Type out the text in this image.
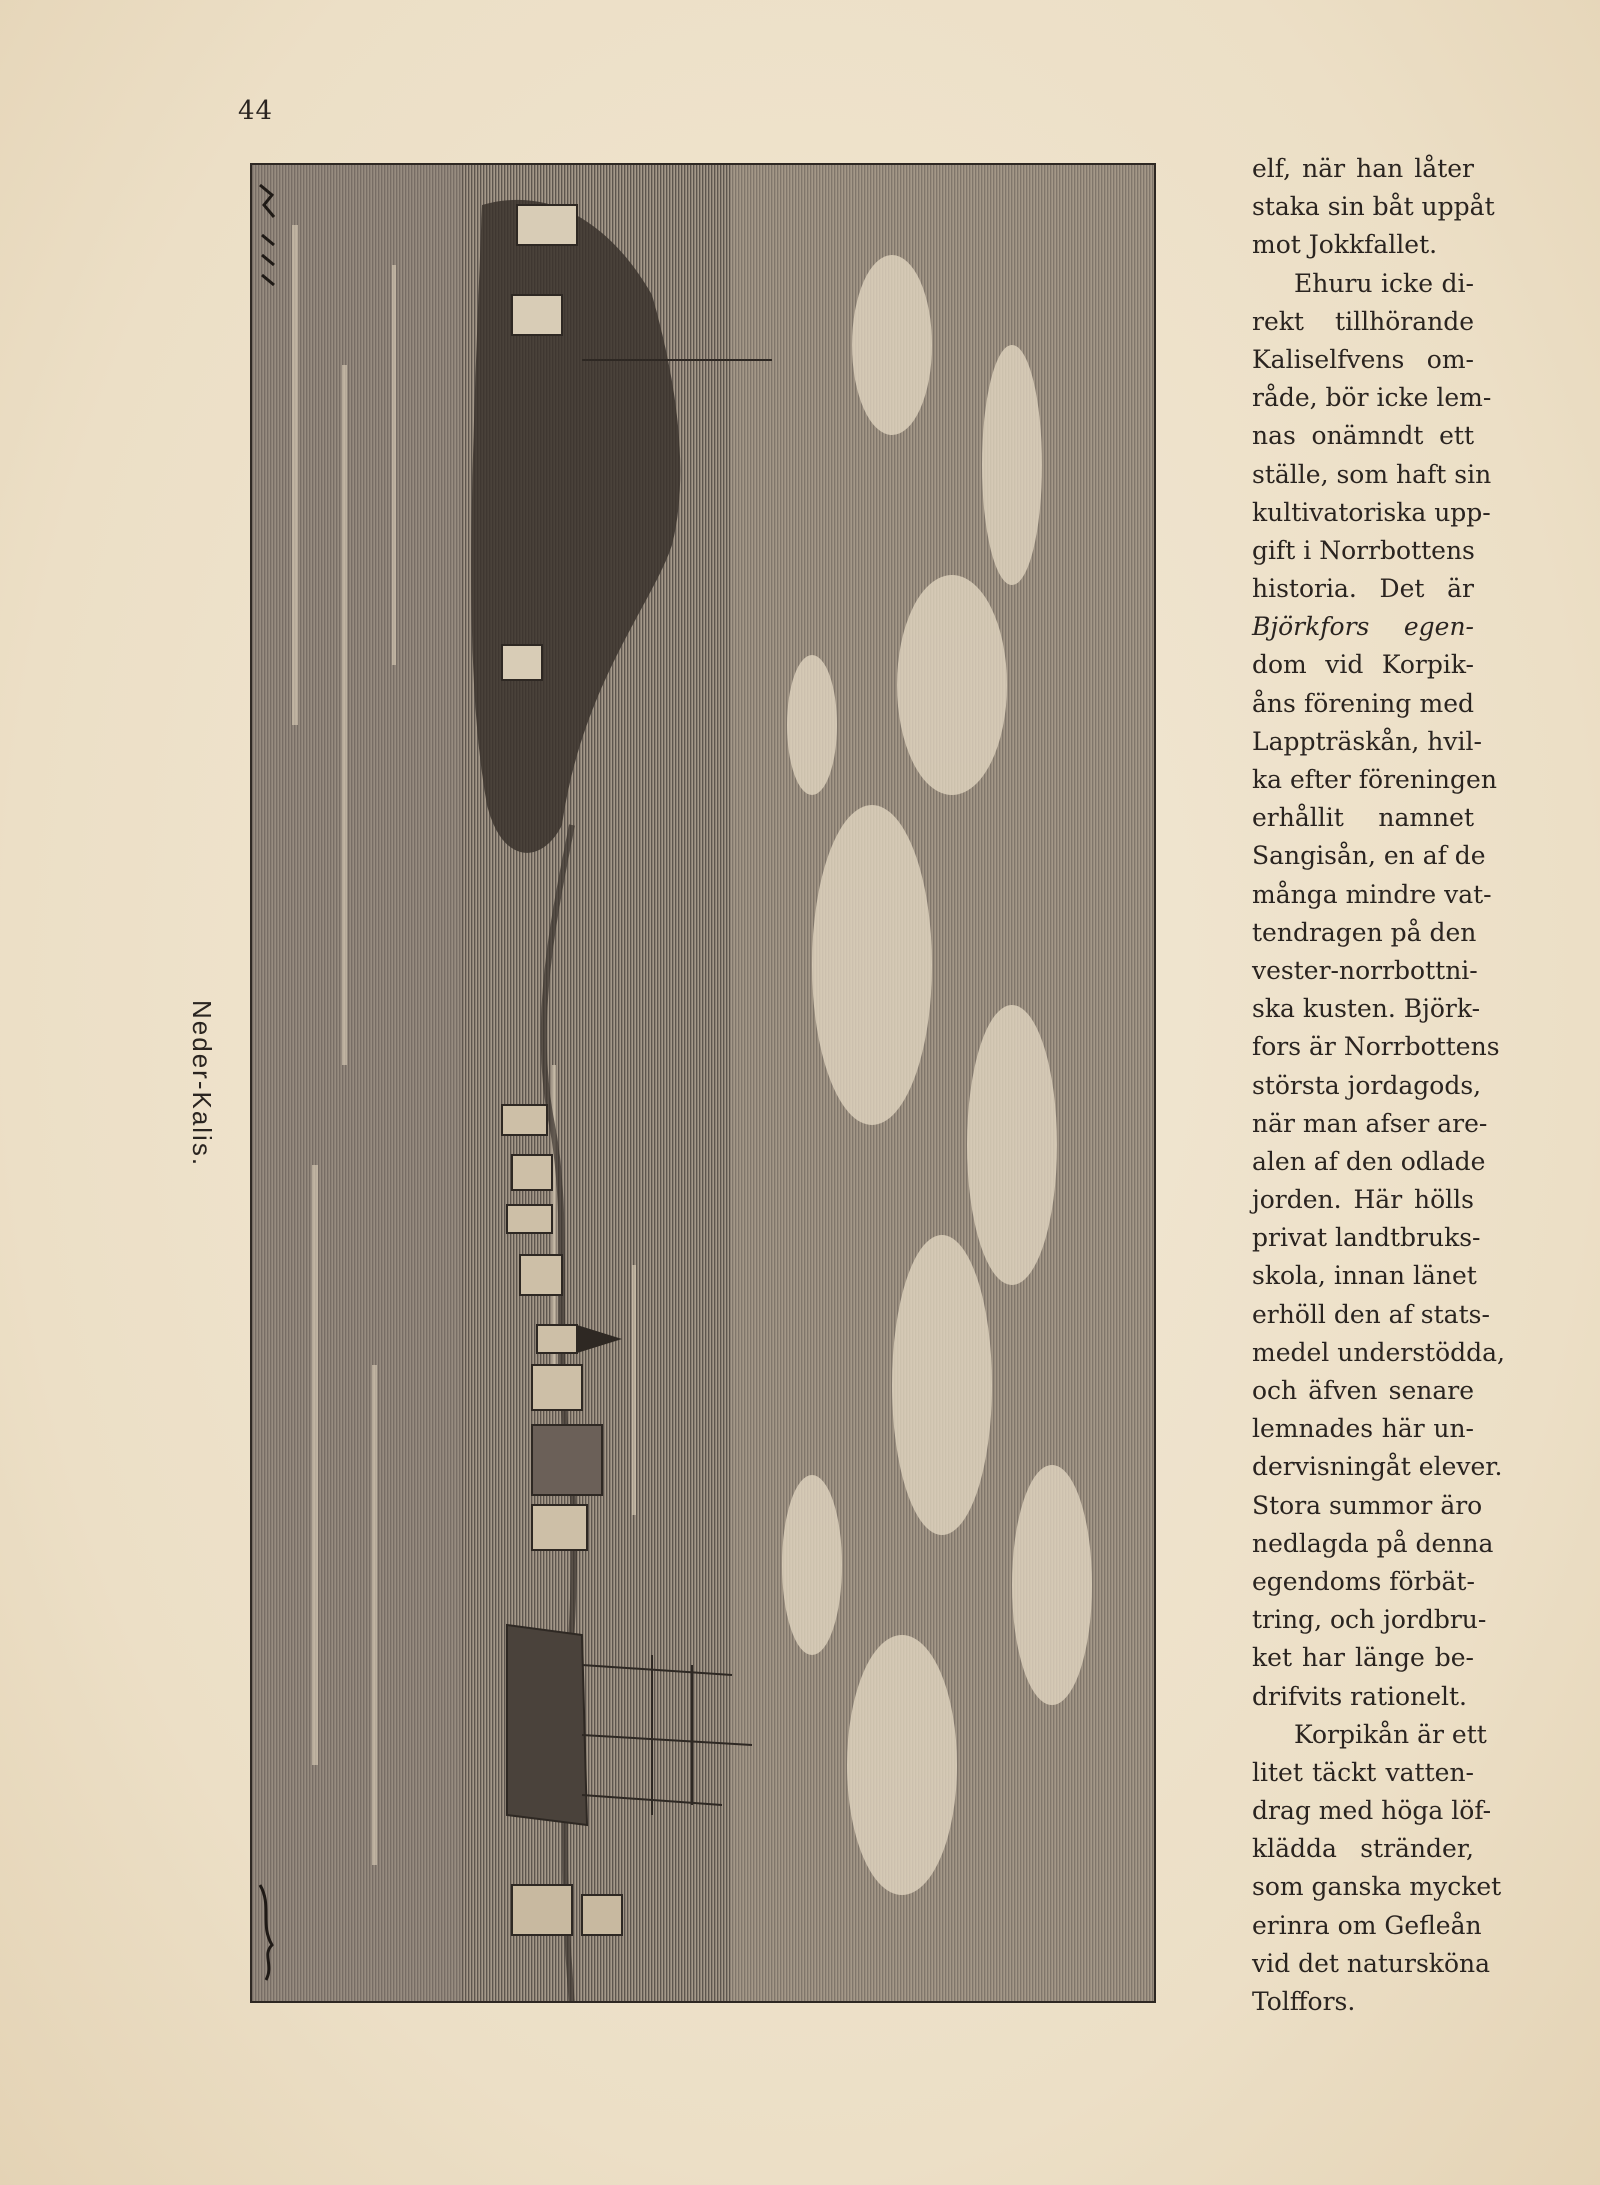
44
Neder-Kalis.
elf, när han låter
staka sin båt uppåt
mot Jokkfallet.
Ehuru icke di-
rekt tillhörande
Kaliselfvens om-
råde, bör icke lem-
nas onämndt ett
ställe, som haft sin
kultivatoriska upp-
gift i Norrbottens
historia. Det är
Björkfors egen-
dom vid Korpik-
åns förening med
Lappträskån, hvil-
ka efter föreningen
erhållit namnet
Sangisån, en af de
många mindre vat-
tendragen på den
vester-norrbottni-
ska kusten. Björk-
fors är Norrbottens
största jordagods,
när man afser are-
alen af den odlade
jorden. Här hölls
privat landtbruks-
skola, innan länet
erhöll den af stats-
medel understödda,
och äfven senare
lemnades här un-
dervisningåt elever.
Stora summor äro
nedlagda på denna
egendoms förbät-
tring, och jordbru-
ket har länge be-
drifvits rationelt.
Korpikån är ett
litet täckt vatten-
drag med höga löf-
klädda stränder,
som ganska mycket
erinra om Gefleån
vid det natursköna
Tolffors.
